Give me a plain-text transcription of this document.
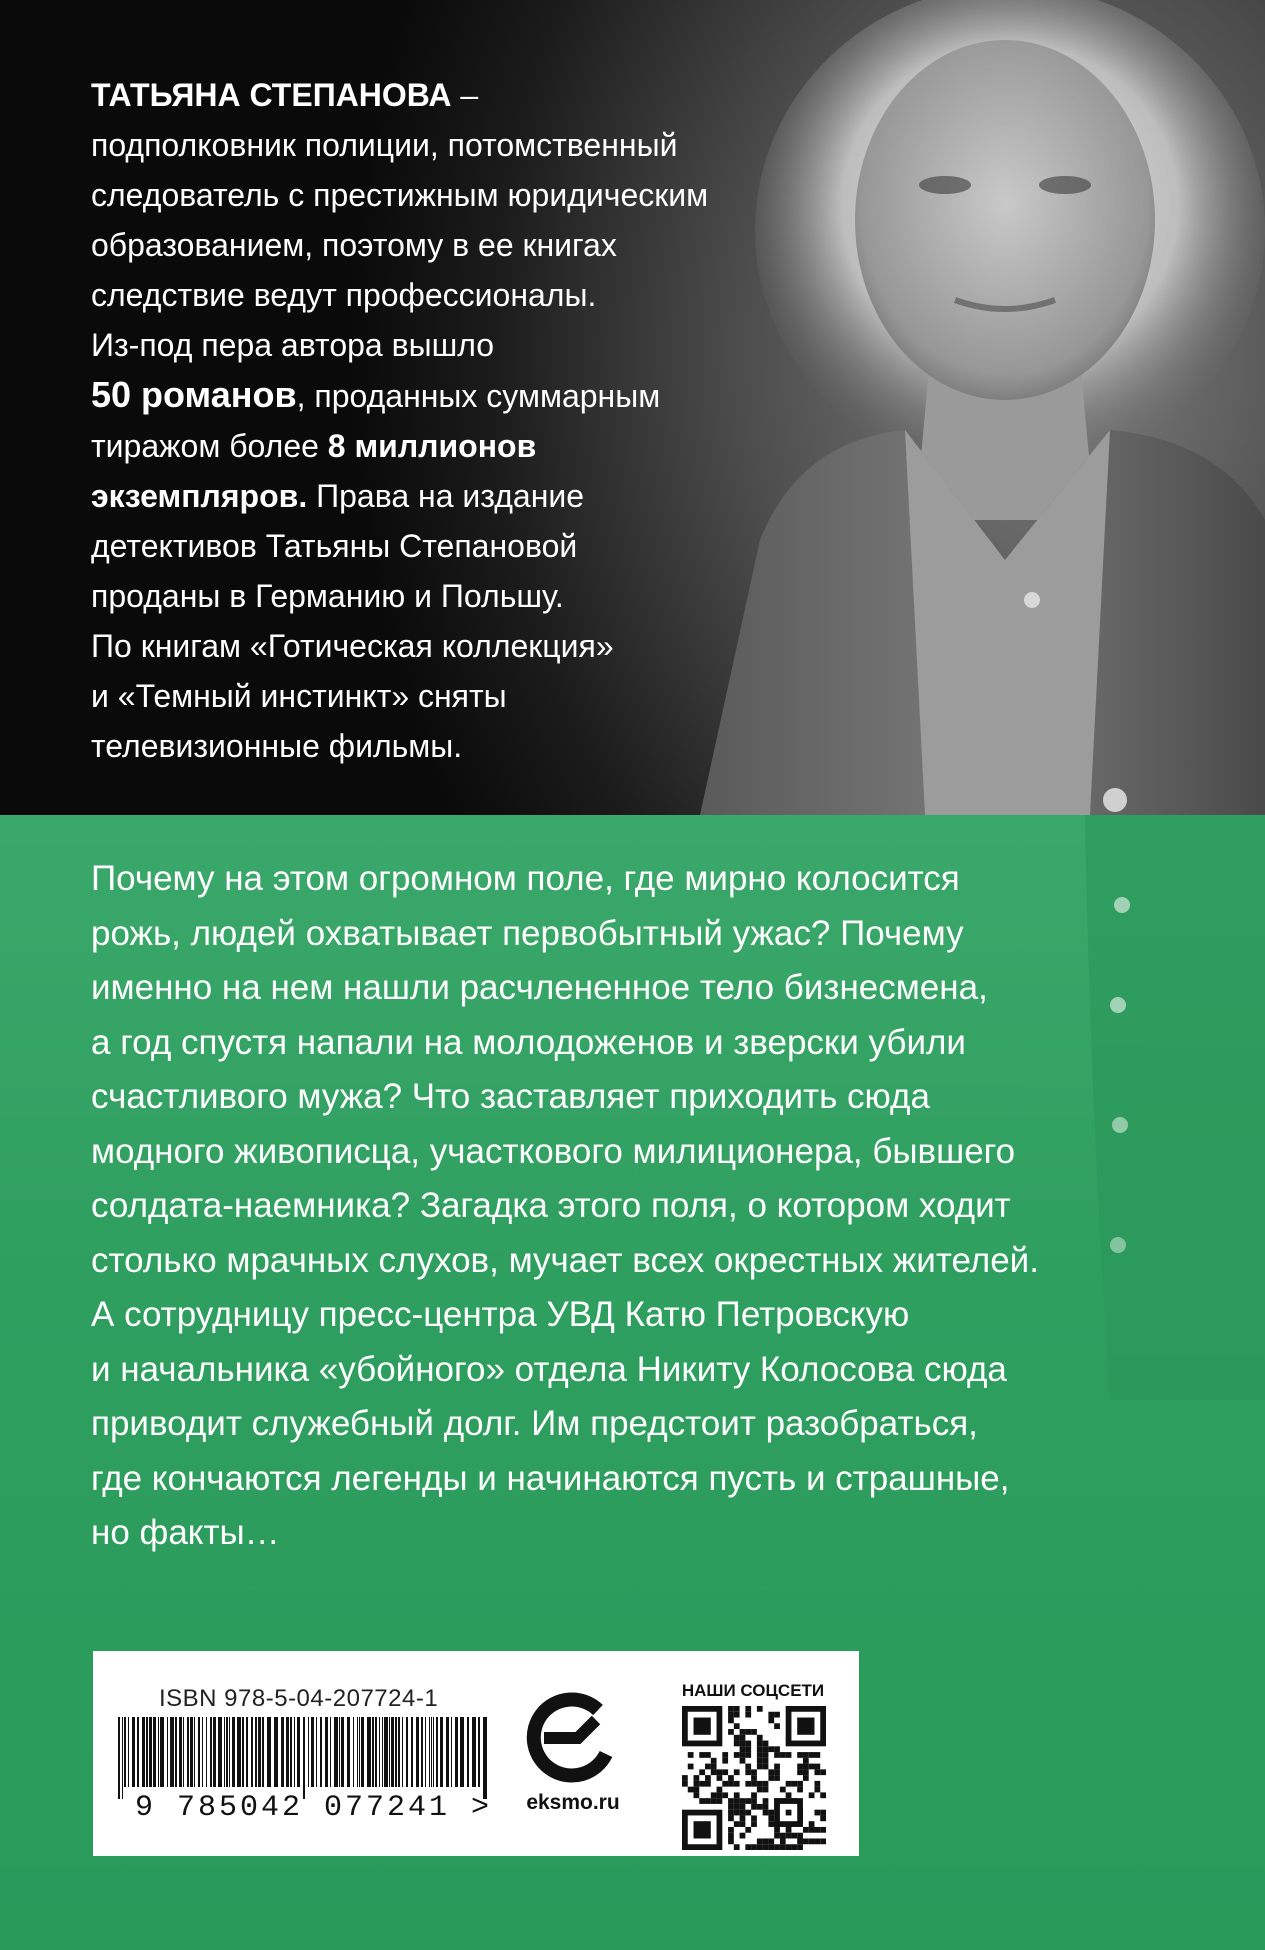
ТАТЬЯНА СТЕПАНОВА –
подполковник полиции, потомственный
следователь с престижным юридическим
образованием, поэтому в ее книгах
следствие ведут профессионалы.
Из-под пера автора вышло
50 романов, проданных суммарным
тиражом более 8 миллионов
экземпляров. Права на издание
детективов Татьяны Степановой
проданы в Германию и Польшу.
По книгам «Готическая коллекция»
и «Темный инстинкт» сняты
телевизионные фильмы.

Почему на этом огромном поле, где мирно колосится
рожь, людей охватывает первобытный ужас? Почему
именно на нем нашли расчлененное тело бизнесмена,
а год спустя напали на молодоженов и зверски убили
счастливого мужа? Что заставляет приходить сюда
модного живописца, участкового милиционера, бывшего
солдата-наемника? Загадка этого поля, о котором ходит
столько мрачных слухов, мучает всех окрестных жителей.
А сотрудницу пресс-центра УВД Катю Петровскую
и начальника «убойного» отдела Никиту Колосова сюда
приводит служебный долг. Им предстоит разобраться,
где кончаются легенды и начинаются пусть и страшные,
но факты…

ISBN 978-5-04-207724-1
9 785042 077241 > eksmo.ru
НАШИ СОЦСЕТИ
